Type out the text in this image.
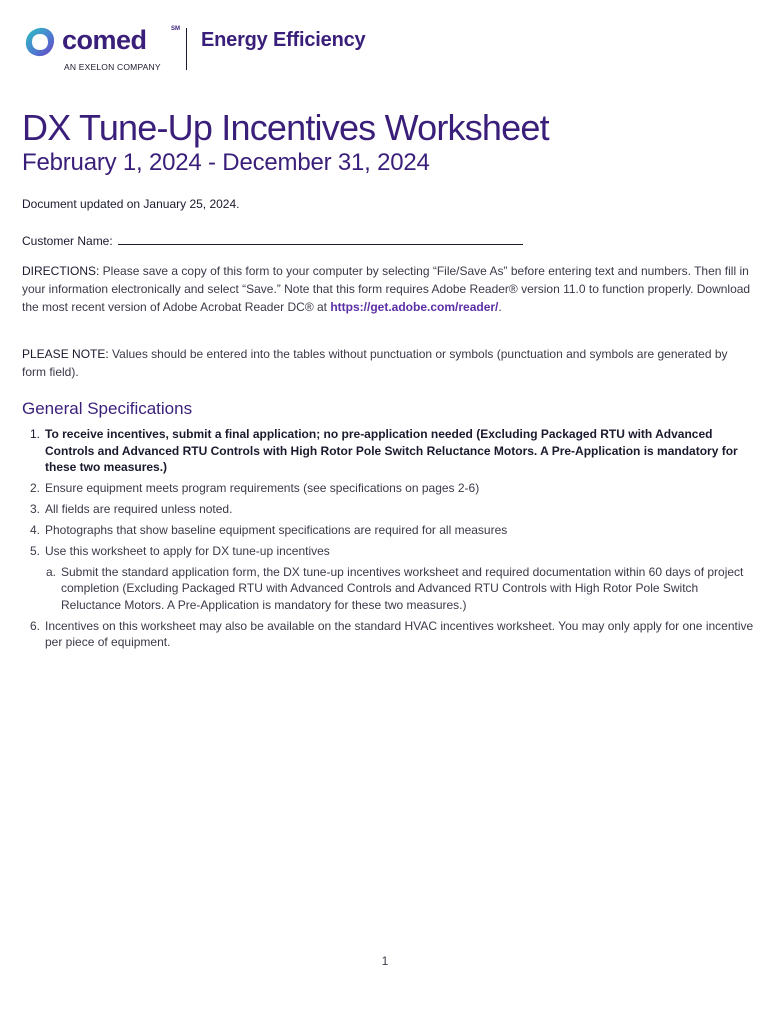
comed	SM
AN EXELON COMPANY
Energy Efficiency
DX Tune-Up Incentives Worksheet
February 1, 2024 - December 31, 2024
Document updated on January 25, 2024.
Customer Name:

DIRECTIONS: Please save a copy of this form to your computer by selecting “File/Save As” before entering text and numbers. Then fill in your information electronically and select “Save.” Note that this form requires Adobe Reader® version 11.0 to function properly. Download the most recent version of Adobe Acrobat Reader DC® at https://get.adobe.com/reader/.

PLEASE NOTE: Values should be entered into the tables without punctuation or symbols (punctuation and symbols are generated by form field).

General Specifications
1. To receive incentives, submit a final application; no pre-application needed (Excluding Packaged RTU with Advanced Controls and Advanced RTU Controls with High Rotor Pole Switch Reluctance Motors. A Pre-Application is mandatory for these two measures.)
2. Ensure equipment meets program requirements (see specifications on pages 2-6)
3. All fields are required unless noted.
4. Photographs that show baseline equipment specifications are required for all measures
5. Use this worksheet to apply for DX tune-up incentives
a. Submit the standard application form, the DX tune-up incentives worksheet and required documentation within 60 days of project completion (Excluding Packaged RTU with Advanced Controls and Advanced RTU Controls with High Rotor Pole Switch Reluctance Motors. A Pre-Application is mandatory for these two measures.)
6. Incentives on this worksheet may also be available on the standard HVAC incentives worksheet. You may only apply for one incentive per piece of equipment.
1
